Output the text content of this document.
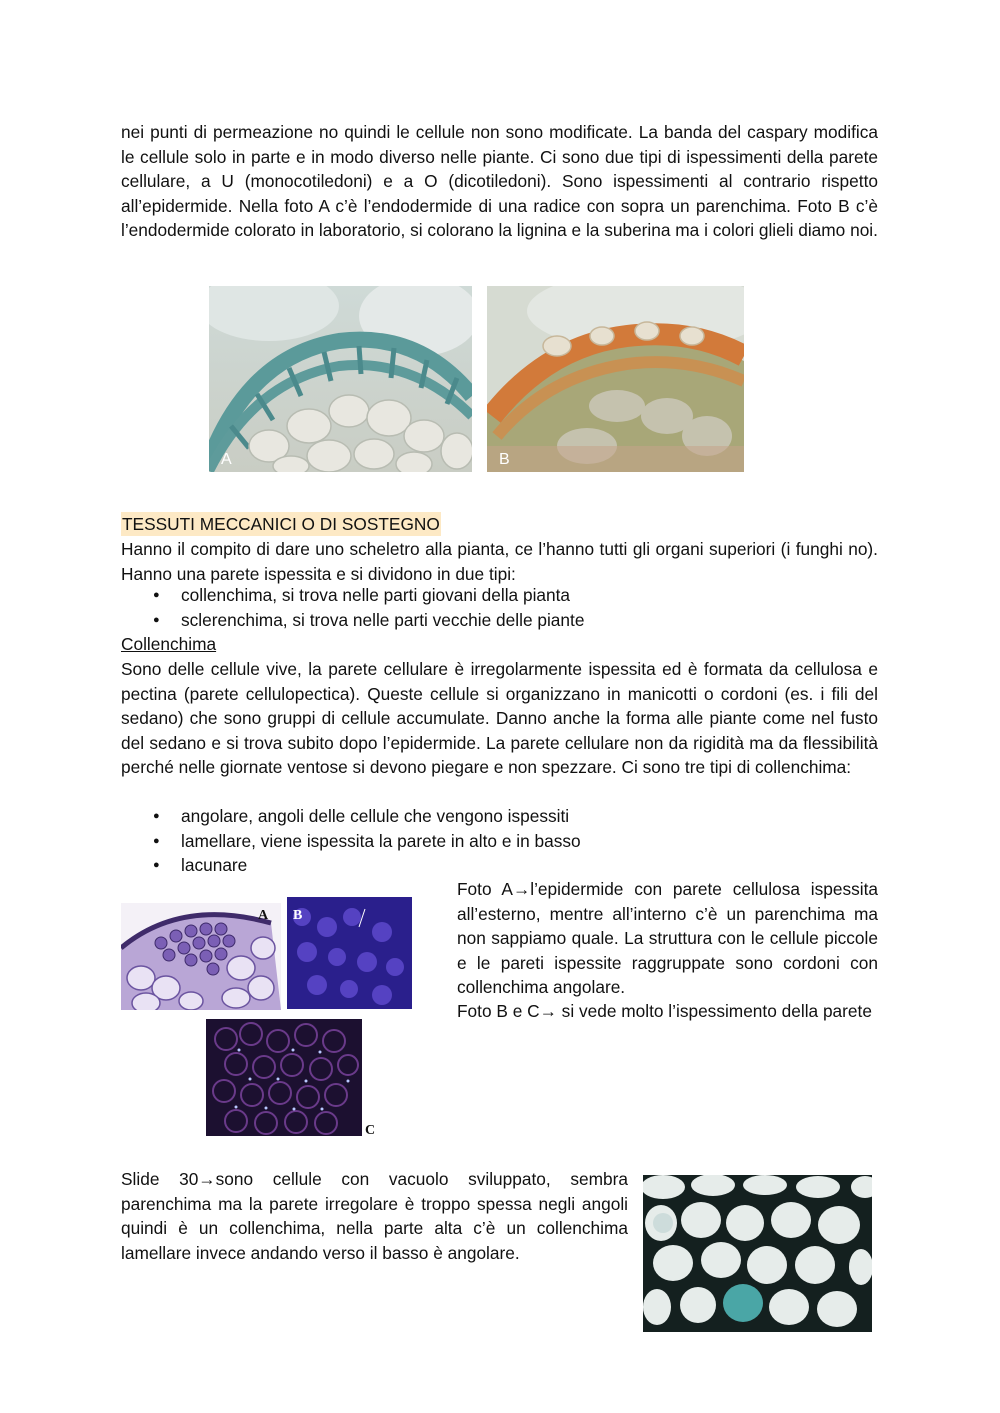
nei punti di permeazione no quindi le cellule non sono modificate. La banda del caspary modifica le cellule solo in parte e in modo diverso nelle piante. Ci sono due tipi di ispessimenti della parete cellulare, a U (monocotiledoni) e a O (dicotiledoni). Sono ispessimenti al contrario rispetto all’epidermide. Nella foto A c’è l’endodermide di una radice con sopra un parenchima. Foto B c’è l’endodermide colorato in laboratorio, si colorano la lignina e la suberina ma i colori glieli diamo noi.
A	B
TESSUTI MECCANICI O DI SOSTEGNO
Hanno il compito di dare uno scheletro alla pianta, ce l’hanno tutti gli organi superiori (i funghi no). Hanno una parete ispessita e si dividono in due tipi:
● collenchima, si trova nelle parti giovani della pianta
● sclerenchima, si trova nelle parti vecchie delle piante
Collenchima
Sono delle cellule vive, la parete cellulare è irregolarmente ispessita ed è formata da cellulosa e pectina (parete cellulopectica). Queste cellule si organizzano in manicotti o cordoni (es. i fili del sedano) che sono gruppi di cellule accumulate. Danno anche la forma alle piante come nel fusto del sedano e si trova subito dopo l’epidermide. La parete cellulare non da rigidità ma da flessibilità perché nelle giornate ventose si devono piegare e non spezzare. Ci sono tre tipi di collenchima:
● angolare, angoli delle cellule che vengono ispessiti
● lamellare, viene ispessita la parete in alto e in basso
● lacunare
A B
C
Foto A→l’epidermide con parete cellulosa ispessita all’esterno, mentre all’interno c’è un parenchima ma non sappiamo quale. La struttura con le cellule piccole e le pareti ispessite raggruppate sono cordoni con collenchima angolare.
Foto B e C→ si vede molto l’ispessimento della parete
Slide 30→sono cellule con vacuolo sviluppato, sembra parenchima ma la parete irregolare è troppo spessa negli angoli quindi è un collenchima, nella parte alta c’è un collenchima lamellare invece andando verso il basso è angolare.
